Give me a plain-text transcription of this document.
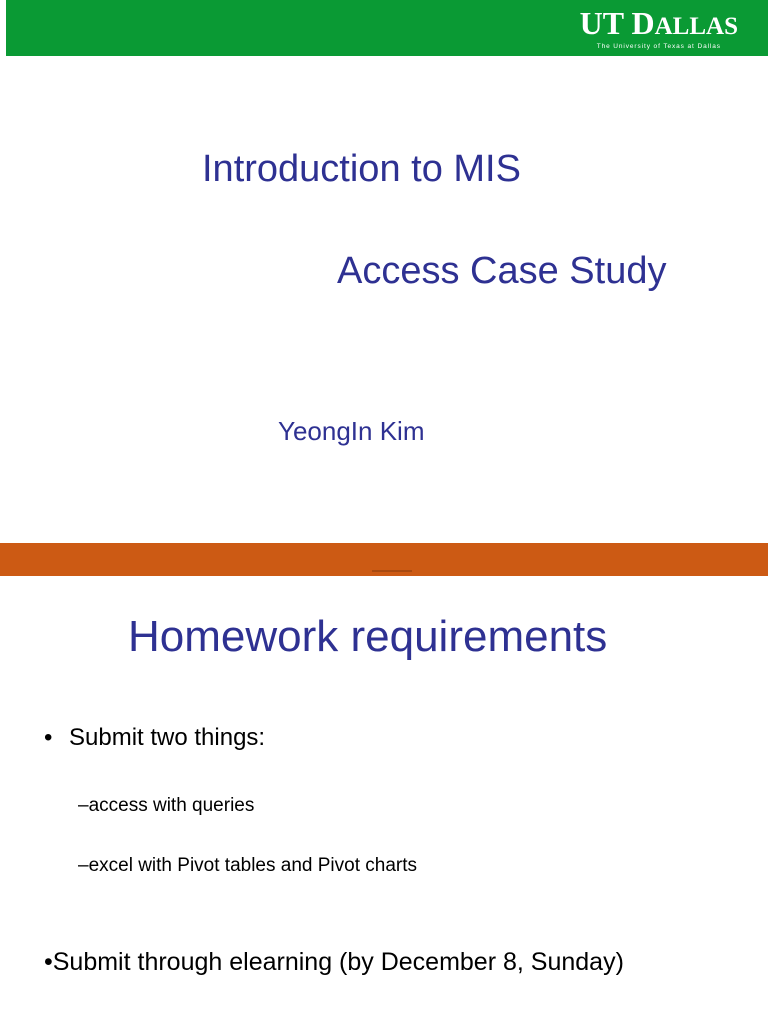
UT DALLAS
The University of Texas at Dallas
Introduction to MIS
Access Case Study
YeongIn Kim
Homework requirements
• Submit two things:
–access with queries
–excel with Pivot tables and Pivot charts
•Submit through elearning (by December 8, Sunday)
